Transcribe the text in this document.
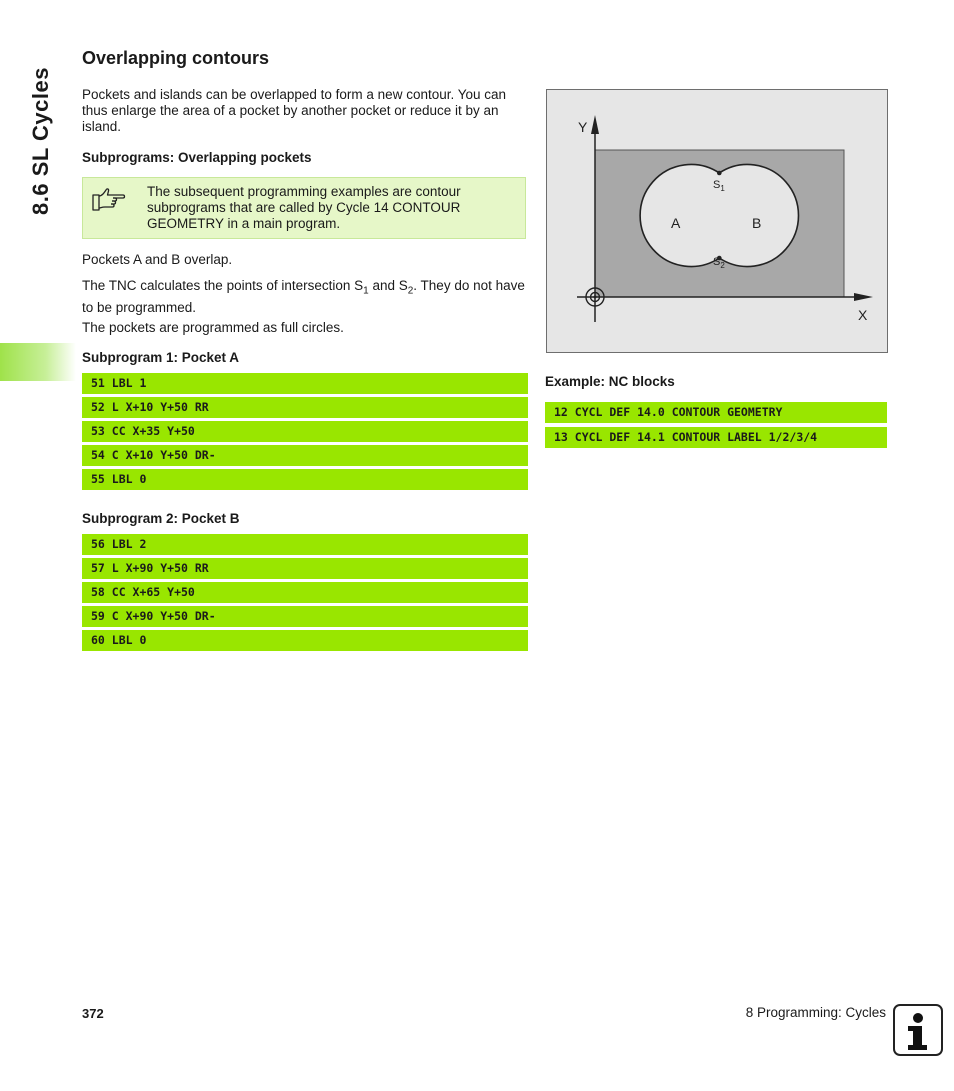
8.6 SL Cycles
Overlapping contours

Pockets and islands can be overlapped to form a new contour. You can thus enlarge the area of a pocket by another pocket or reduce it by an island.

Subprograms: Overlapping pockets
The subsequent programming examples are contour subprograms that are called by Cycle 14 CONTOUR GEOMETRY in a main program.

Pockets A and B overlap.

The TNC calculates the points of intersection $S_1$ and $S_2$. They do not have to be programmed.

The pockets are programmed as full circles.

Subprogram 1: Pocket A
51 LBL 1
52 L X+10 Y+50 RR
53 CC X+35 Y+50
54 C X+10 Y+50 DR-
55 LBL 0
Subprogram 2: Pocket B
56 LBL 2
57 L X+90 Y+50 RR
58 CC X+65 Y+50
59 C X+90 Y+50 DR-
60 LBL 0
Y
X
A	B
$S_1$
$S_2$
Example: NC blocks
12 CYCL DEF 14.0 CONTOUR GEOMETRY
13 CYCL DEF 14.1 CONTOUR LABEL 1/2/3/4
372	8 Programming: Cycles
